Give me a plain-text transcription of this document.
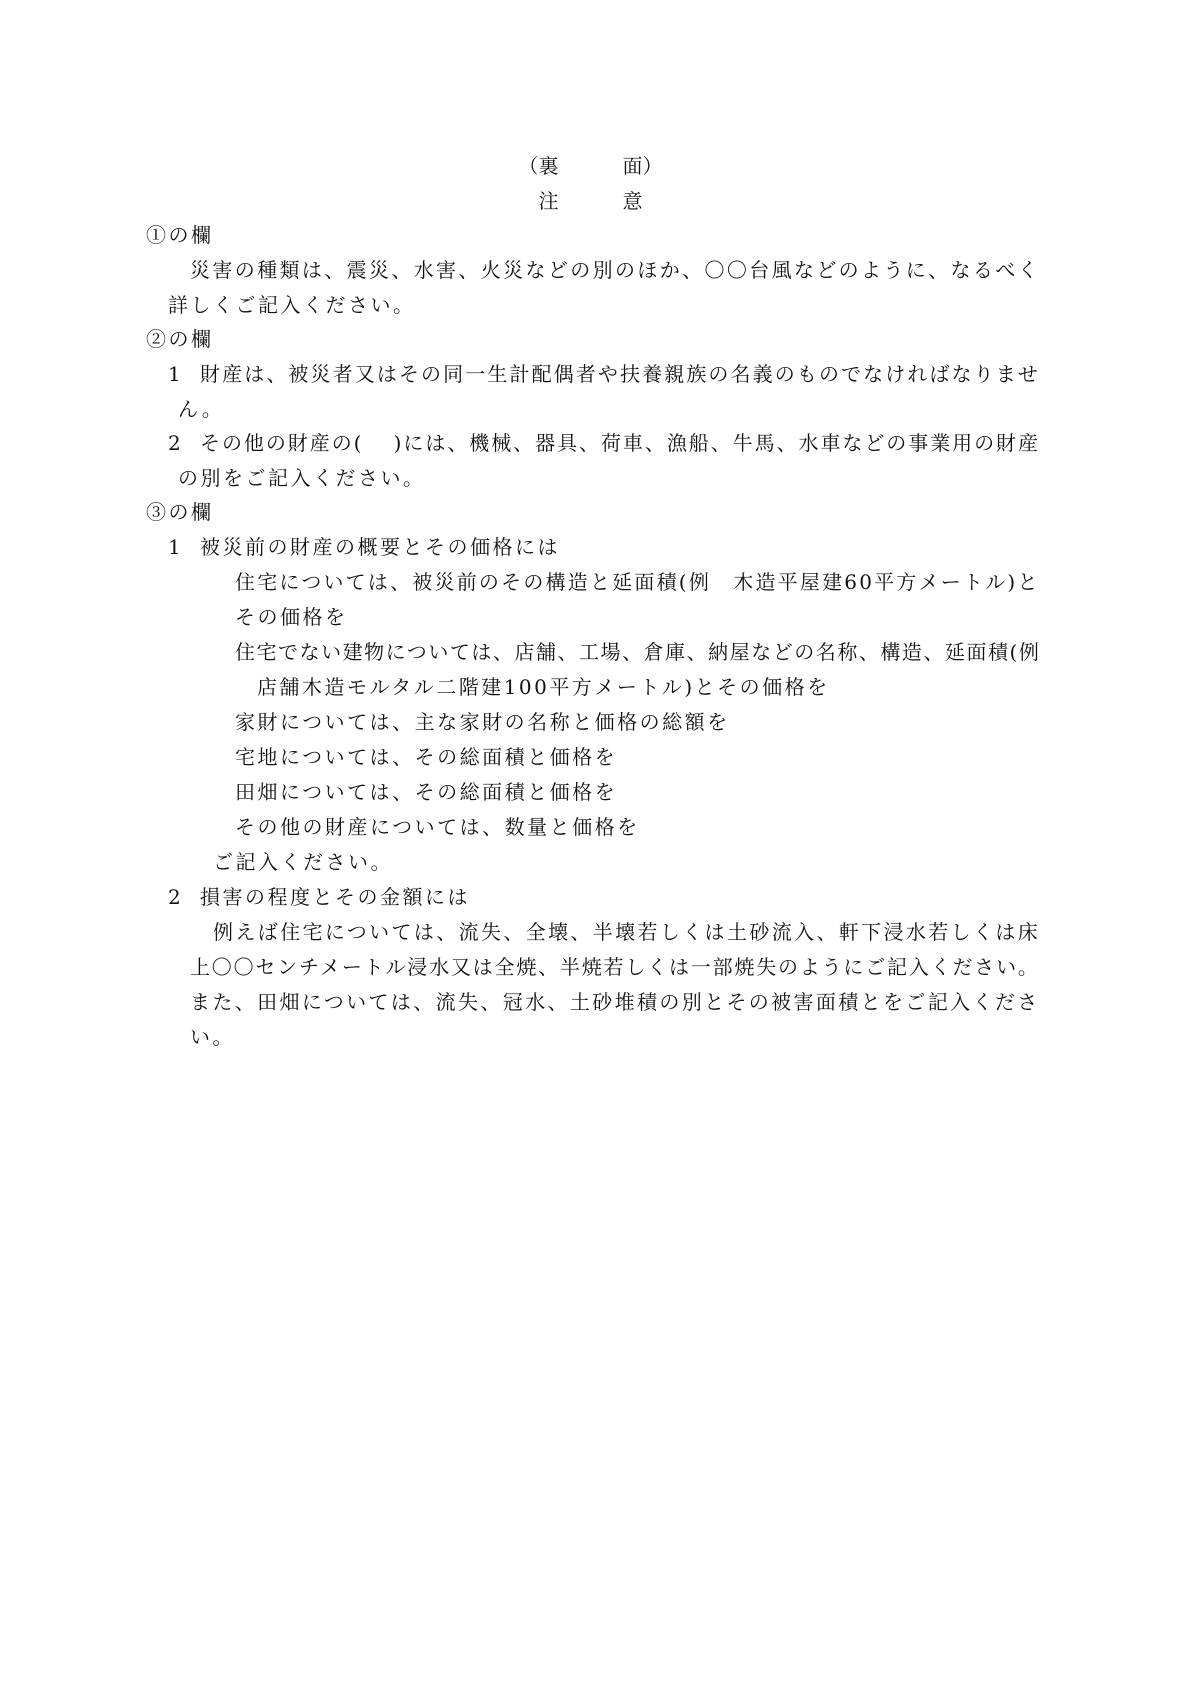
（裏	面）
注	意
①の欄
災害の種類は、震災、水害、火災などの別のほか、〇〇台風などのように、なるべく
詳しくご記入ください。
②の欄
1 財産は、被災者又はその同一生計配偶者や扶養親族の名義のものでなければなりませ
ん。
2 その他の財産の(　 )には、機械、器具、荷車、漁船、牛馬、水車などの事業用の財産
の別をご記入ください。
③の欄
1 被災前の財産の概要とその価格には
住宅については、被災前のその構造と延面積(例　木造平屋建60平方メートル)と
その価格を
住宅でない建物については、店舗、工場、倉庫、納屋などの名称、構造、延面積(例
店舗木造モルタル二階建100平方メートル)とその価格を
家財については、主な家財の名称と価格の総額を
宅地については、その総面積と価格を
田畑については、その総面積と価格を
その他の財産については、数量と価格を
ご記入ください。
2 損害の程度とその金額には
例えば住宅については、流失、全壊、半壊若しくは土砂流入、軒下浸水若しくは床
上〇〇センチメートル浸水又は全焼、半焼若しくは一部焼失のようにご記入ください。
また、田畑については、流失、冠水、土砂堆積の別とその被害面積とをご記入くださ
い。
